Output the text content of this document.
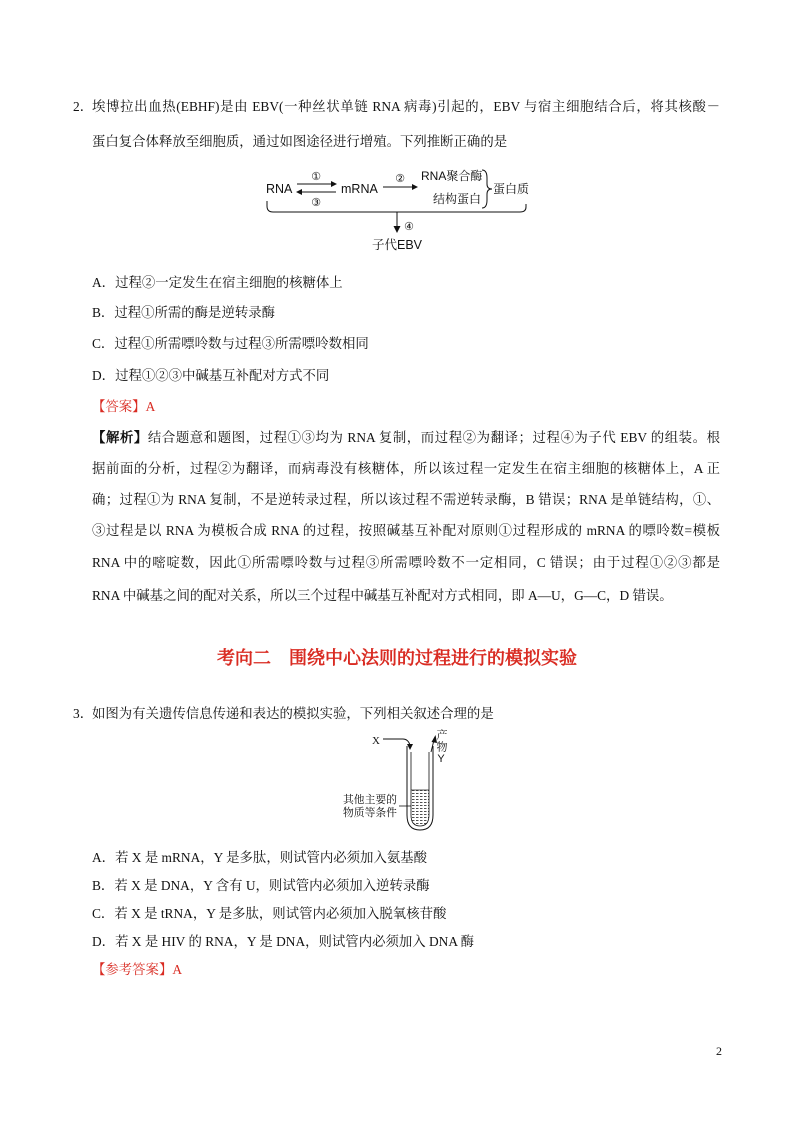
2．
埃博拉出血热(EBHF)是由 EBV(一种丝状单链 RNA 病毒)引起的，EBV 与宿主细胞结合后，将其核酸－
蛋白复合体释放至细胞质，通过如图途径进行增殖。下列推断正确的是
RNA
①
③
mRNA
② RNA聚合酶
结构蛋白
蛋白质
④
子代EBV
A．过程②一定发生在宿主细胞的核糖体上
B．过程①所需的酶是逆转录酶
C．过程①所需嘌呤数与过程③所需嘌呤数相同
D．过程①②③中碱基互补配对方式不同
【答案】A
【解析】结合题意和题图，过程①③均为 RNA 复制，而过程②为翻译；过程④为子代 EBV 的组装。根
据前面的分析，过程②为翻译，而病毒没有核糖体，所以该过程一定发生在宿主细胞的核糖体上，A 正
确；过程①为 RNA 复制，不是逆转录过程，所以该过程不需逆转录酶，B 错误；RNA 是单链结构，①、
③过程是以 RNA 为模板合成 RNA 的过程，按照碱基互补配对原则①过程形成的 mRNA 的嘌呤数=模板
RNA 中的嘧啶数，因此①所需嘌呤数与过程③所需嘌呤数不一定相同，C 错误；由于过程①②③都是
RNA 中碱基之间的配对关系，所以三个过程中碱基互补配对方式相同，即 A—U，G—C，D 错误。
考向二　围绕中心法则的过程进行的模拟实验
3．
如图为有关遗传信息传递和表达的模拟实验，下列相关叙述合理的是
X	产物Y
其他主要的
物质等条件
A．若 X 是 mRNA，Y 是多肽，则试管内必须加入氨基酸
B．若 X 是 DNA，Y 含有 U，则试管内必须加入逆转录酶
C．若 X 是 tRNA，Y 是多肽，则试管内必须加入脱氧核苷酸
D．若 X 是 HIV 的 RNA，Y 是 DNA，则试管内必须加入 DNA 酶
【参考答案】A
2
